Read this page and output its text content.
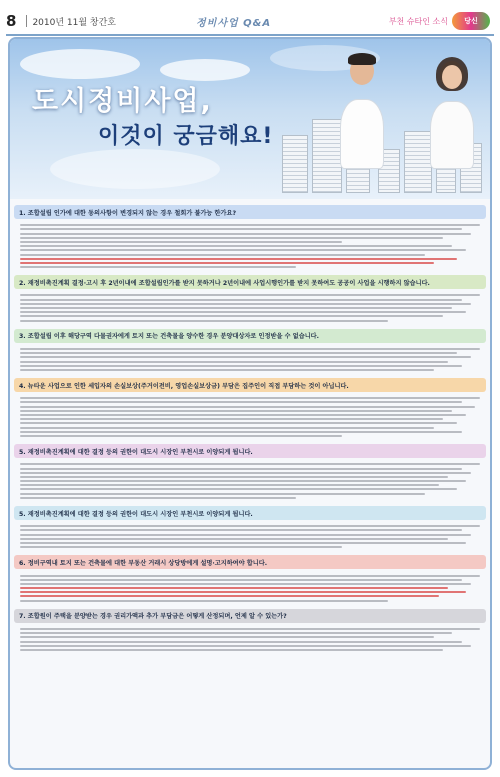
8 2010년 11월 창간호	정비사업 Q&A	부천 슈타인 소식	당신
도시정비사업,
이것이 궁금해요!
1. 조합설립 인가에 대한 동의사항이 변경되지 않는 경우 철회가 불가능 한가요?
2. 재정비촉진계획 결정·고시 후 2년이내에 조합설립인가를 받지 못하거나 2년이내에 사업시행인가를 받지 못하여도 공공이 사업을 시행하지 않습니다.
3. 조합설립 이후 해당구역 다물권자에게 토지 또는 건축물을 양수한 경우 분양대상자로 인정받을 수 없습니다.
4. 뉴타운 사업으로 인한 세입자의 손실보상(주거이전비, 영업손실보상금) 부담은 집주인이 직접 부담하는 것이 아닙니다.
5. 재정비촉진계획에 대한 결정 등의 권한이 대도시 시장인 부천시로 이양되게 됩니다.
5. 재정비촉진계획에 대한 결정 등의 권한이 대도시 시장인 부천시로 이양되게 됩니다.
6. 정비구역내 토지 또는 건축물에 대한 부동산 거래시 상당방에게 설명·고지하여야 합니다.
7. 조합원이 주택을 분양받는 경우 권리가액과 추가 부담금은 어떻게 산정되며, 언제 알 수 있는가?
